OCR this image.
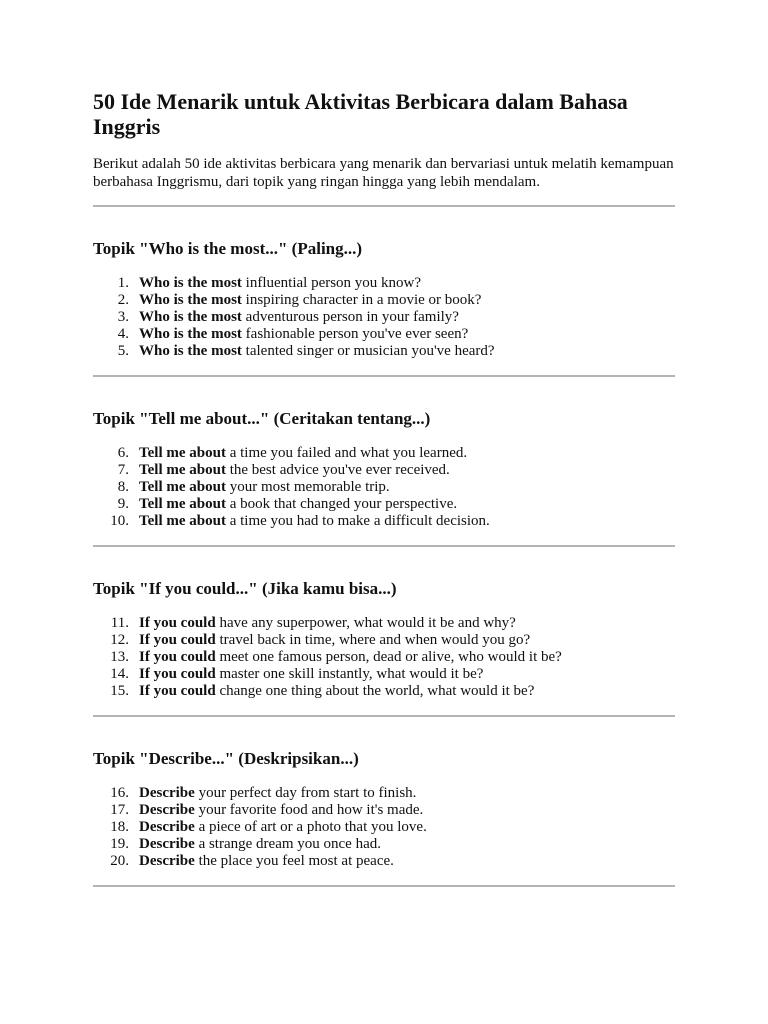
50 Ide Menarik untuk Aktivitas Berbicara dalam Bahasa Inggris

Berikut adalah 50 ide aktivitas berbicara yang menarik dan bervariasi untuk melatih kemampuan berbahasa Inggrismu, dari topik yang ringan hingga yang lebih mendalam.

Topik "Who is the most..." (Paling...)
1. Who is the most influential person you know?
2. Who is the most inspiring character in a movie or book?
3. Who is the most adventurous person in your family?
4. Who is the most fashionable person you've ever seen?
5. Who is the most talented singer or musician you've heard?
Topik "Tell me about..." (Ceritakan tentang...)
6. Tell me about a time you failed and what you learned.
7. Tell me about the best advice you've ever received.
8. Tell me about your most memorable trip.
9. Tell me about a book that changed your perspective.
10. Tell me about a time you had to make a difficult decision.
Topik "If you could..." (Jika kamu bisa...)
11. If you could have any superpower, what would it be and why?
12. If you could travel back in time, where and when would you go?
13. If you could meet one famous person, dead or alive, who would it be?
14. If you could master one skill instantly, what would it be?
15. If you could change one thing about the world, what would it be?
Topik "Describe..." (Deskripsikan...)
16. Describe your perfect day from start to finish.
17. Describe your favorite food and how it's made.
18. Describe a piece of art or a photo that you love.
19. Describe a strange dream you once had.
20. Describe the place you feel most at peace.
